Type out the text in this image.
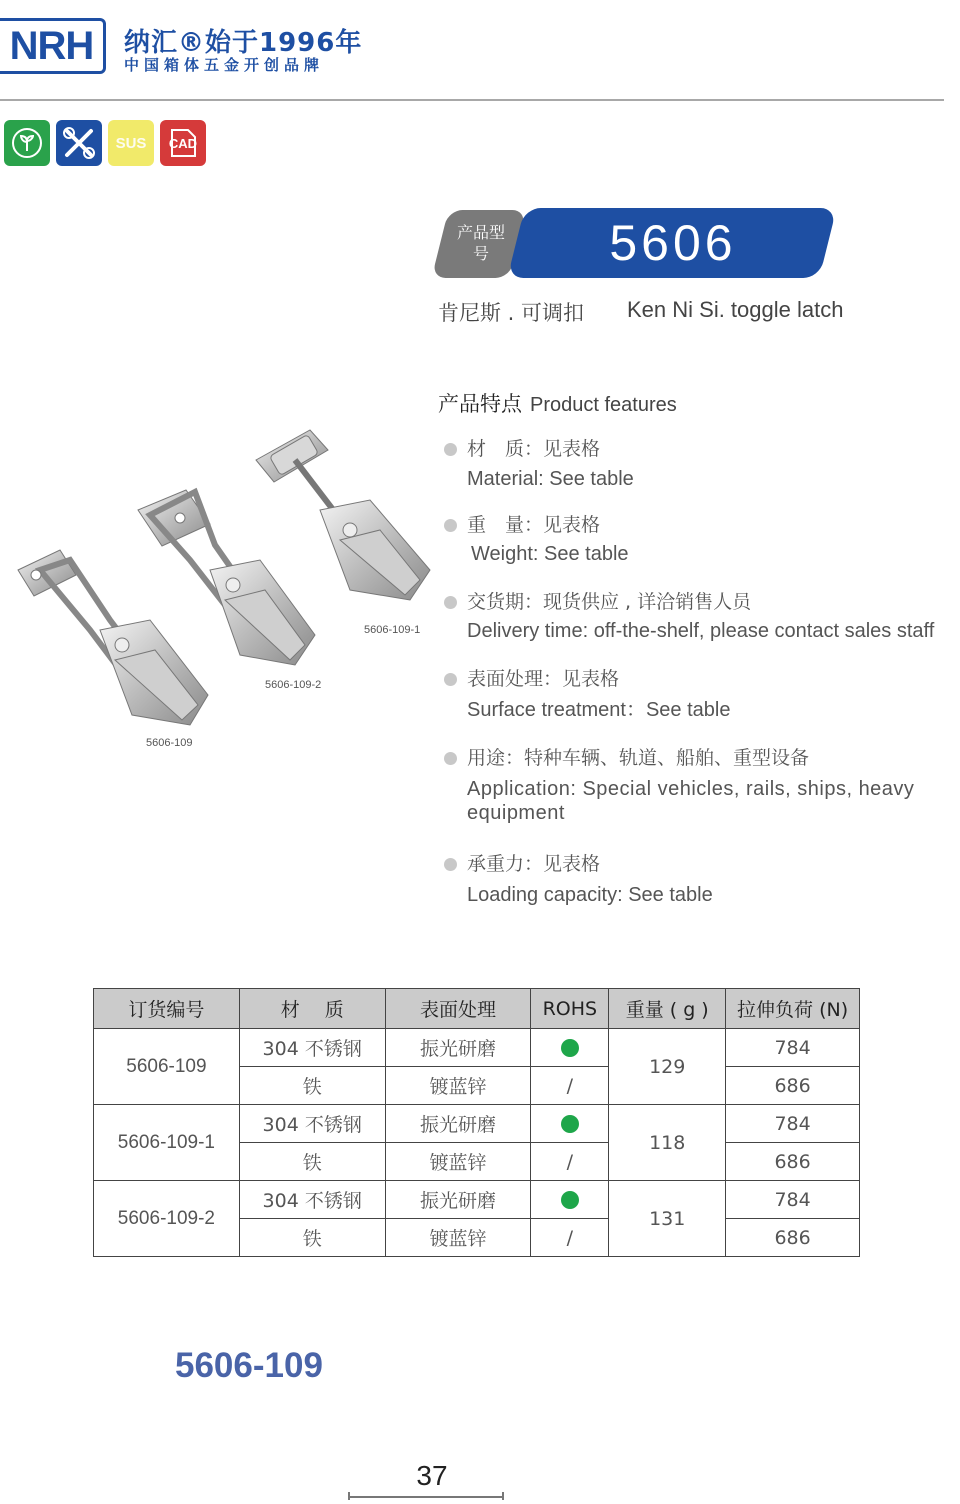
NRH 纳汇®始于1996年
中国箱体五金开创品牌
SUS CAD
产品型号	5606
肯尼斯 . 可调扣 Ken Ni Si. toggle latch
5606-109-1
5606-109-2
5606-109
产品特点 Product features
材　质：见表格
Material: See table
重　量：见表格
Weight: See table
交货期：现货供应 , 详洽销售人员
Delivery time: off-the-shelf, please contact sales staff
表面处理：见表格
Surface treatment：See table
用途：特种车辆、轨道、船舶、重型设备
Application: Special vehicles, rails, ships, heavy equipment
承重力：见表格
Loading capacity: See table
订货编号	材　 质	表面处理	ROHS	重量 ( g )	拉伸负荷 (N)
5606-109	304 不锈钢	振光研磨		129	784
	铁	镀蓝锌	/		686
5606-109-1	304 不锈钢	振光研磨		118	784
	铁	镀蓝锌	/		686
5606-109-2	304 不锈钢	振光研磨		131	784
	铁	镀蓝锌	/		686
5606-109
37
